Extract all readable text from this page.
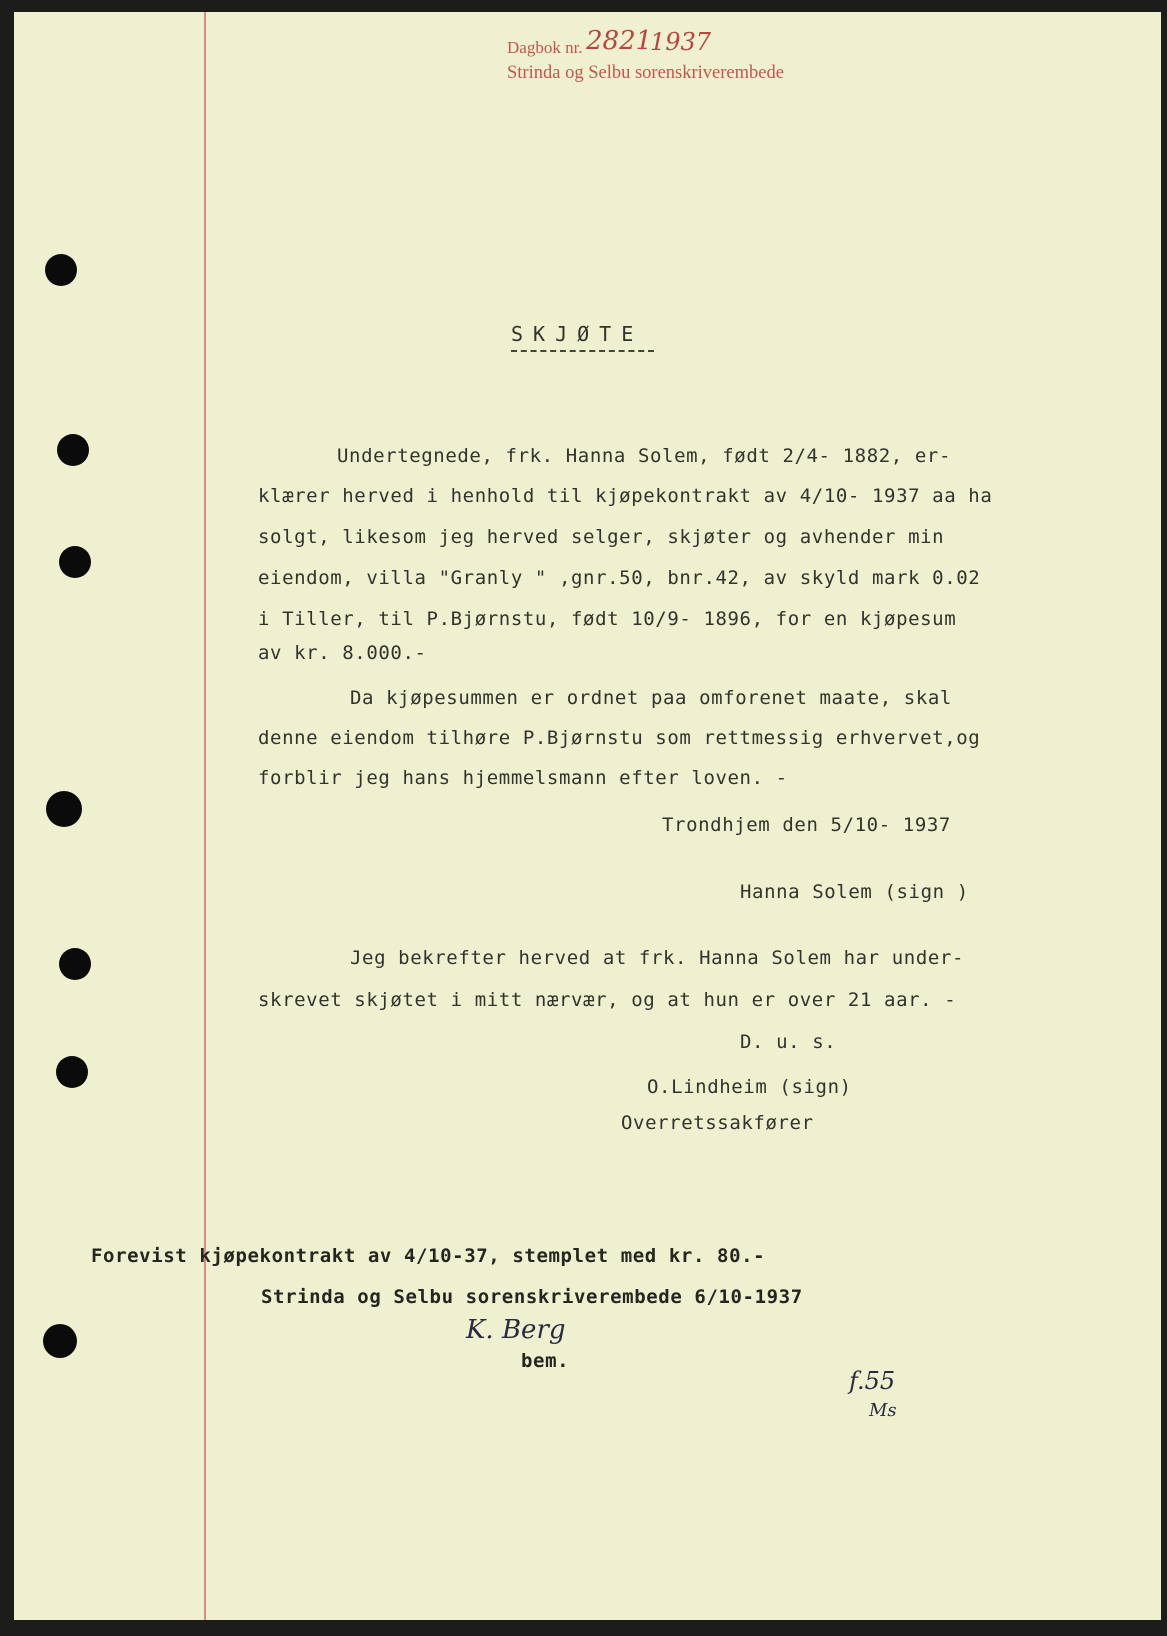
Dagbok nr. 2821
1937
Strinda og Selbu sorenskriverembede
SKJØTE
Undertegnede, frk. Hanna Solem, født 2/4- 1882, er-
klærer herved i henhold til kjøpekontrakt av 4/10- 1937 aa ha
solgt, likesom jeg herved selger, skjøter og avhender min
eiendom, villa "Granly " ,gnr.50, bnr.42, av skyld mark 0.02
i Tiller, til P.Bjørnstu, født 10/9- 1896, for en kjøpesum
av kr. 8.000.-
Da kjøpesummen er ordnet paa omforenet maate, skal
denne eiendom tilhøre P.Bjørnstu som rettmessig erhvervet,og
forblir jeg hans hjemmelsmann efter loven. -
Trondhjem den 5/10- 1937
Hanna Solem (sign )
Jeg bekrefter herved at frk. Hanna Solem har under-
skrevet skjøtet i mitt nærvær, og at hun er over 21 aar. -
D. u. s.
O.Lindheim (sign)
Overretssakfører
Forevist kjøpekontrakt av 4/10-37, stemplet med kr. 80.-
Strinda og Selbu sorenskriverembede 6/10-1937
K. Berg
bem.
f.55
Ms
